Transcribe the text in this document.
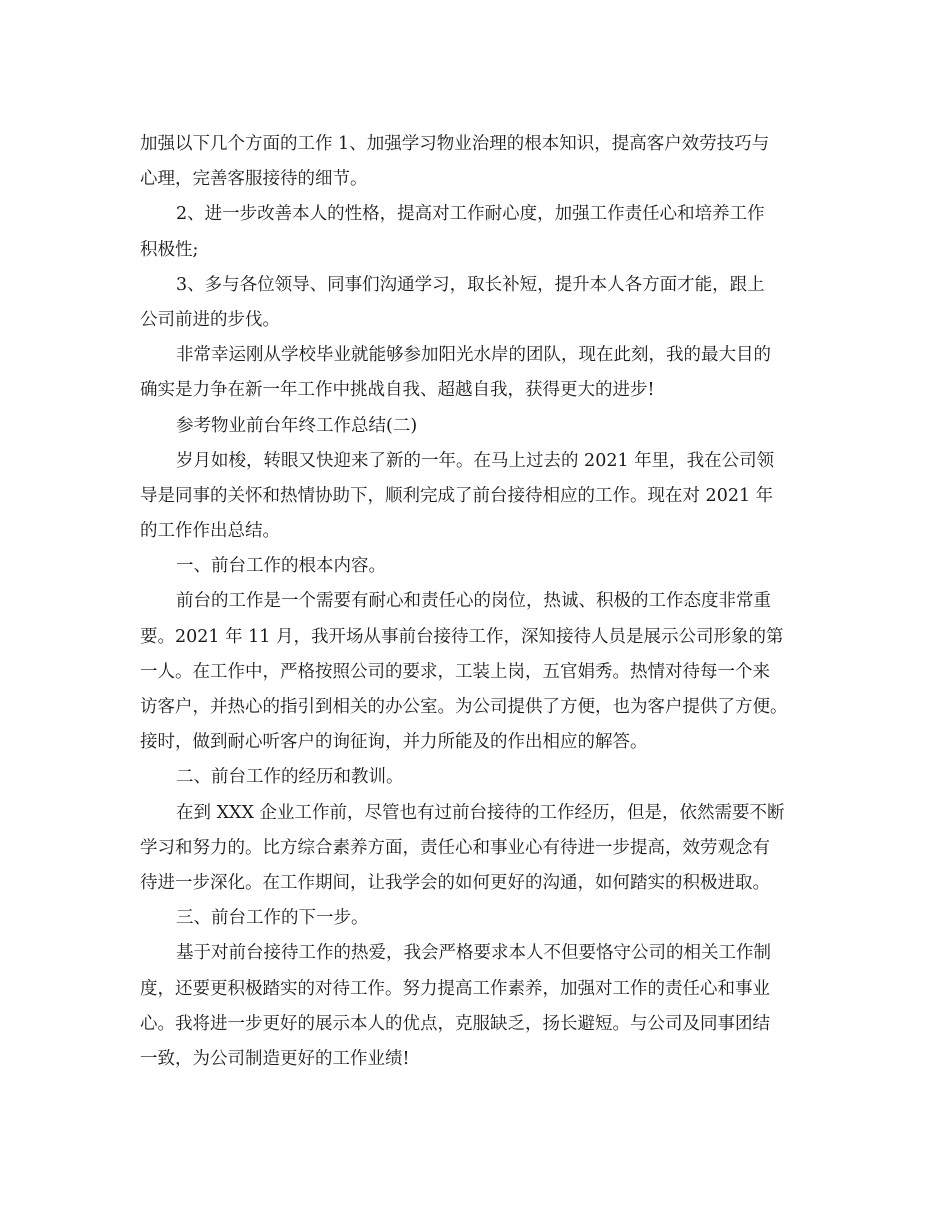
加强以下几个方面的工作 1、加强学习物业治理的根本知识，提高客户效劳技巧与
心理，完善客服接待的细节。
2、进一步改善本人的性格，提高对工作耐心度，加强工作责任心和培养工作
积极性;
3、多与各位领导、同事们沟通学习，取长补短，提升本人各方面才能，跟上
公司前进的步伐。
非常幸运刚从学校毕业就能够参加阳光水岸的团队，现在此刻，我的最大目的
确实是力争在新一年工作中挑战自我、超越自我，获得更大的进步!
参考物业前台年终工作总结(二)
岁月如梭，转眼又快迎来了新的一年。在马上过去的 2021 年里，我在公司领
导是同事的关怀和热情协助下，顺利完成了前台接待相应的工作。现在对 2021 年
的工作作出总结。
一、前台工作的根本内容。
前台的工作是一个需要有耐心和责任心的岗位，热诚、积极的工作态度非常重
要。2021 年 11 月，我开场从事前台接待工作，深知接待人员是展示公司形象的第
一人。在工作中，严格按照公司的要求，工装上岗，五官娟秀。热情对待每一个来
访客户，并热心的指引到相关的办公室。为公司提供了方便，也为客户提供了方便。
接时，做到耐心听客户的询征询，并力所能及的作出相应的解答。
二、前台工作的经历和教训。
在到 XXX 企业工作前，尽管也有过前台接待的工作经历，但是，依然需要不断
学习和努力的。比方综合素养方面，责任心和事业心有待进一步提高，效劳观念有
待进一步深化。在工作期间，让我学会的如何更好的沟通，如何踏实的积极进取。
三、前台工作的下一步。
基于对前台接待工作的热爱，我会严格要求本人不但要恪守公司的相关工作制
度，还要更积极踏实的对待工作。努力提高工作素养，加强对工作的责任心和事业
心。我将进一步更好的展示本人的优点，克服缺乏，扬长避短。与公司及同事团结
一致，为公司制造更好的工作业绩!
